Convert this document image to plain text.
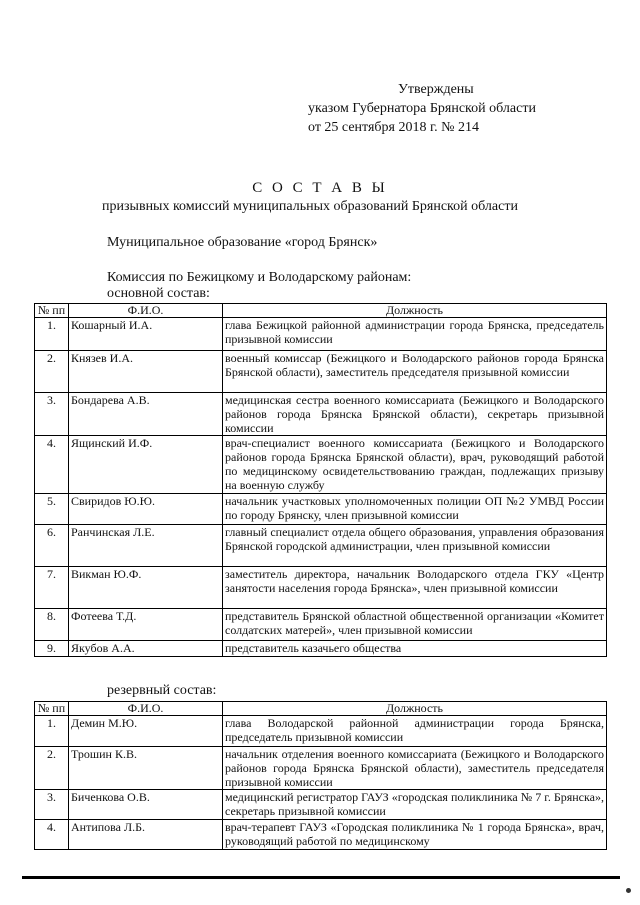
Утверждены
указом Губернатора Брянской области
от 25 сентября 2018 г. № 214
С О С Т А В Ы
призывных комиссий муниципальных образований Брянской области
Муниципальное образование «город Брянск»
Комиссия по Бежицкому и Володарскому районам:
основной состав:
№ пп	Ф.И.О.	Должность
1.	Кошарный И.А.	глава Бежицкой районной администрации города Брянска, председатель призывной комиссии
2.	Князев И.А.	военный комиссар (Бежицкого и Володарского районов города Брянска Брянской области), заместитель председателя призывной комиссии
3.	Бондарева А.В.	медицинская сестра военного комиссариата (Бежицкого и Володарского районов города Брянска Брянской области), секретарь призывной комиссии
4.	Ящинский И.Ф.	врач-специалист военного комиссариата (Бежицкого и Володарского районов города Брянска Брянской области), врач, руководящий работой по медицинскому освидетельствованию граждан, подлежащих призыву на военную службу
5.	Свиридов Ю.Ю.	начальник участковых уполномоченных полиции ОП №2 УМВД России по городу Брянску, член призывной комиссии
6.	Ранчинская Л.Е.	главный специалист отдела общего образования, управления образования Брянской городской администрации, член призывной комиссии
7.	Викман Ю.Ф.	заместитель директора, начальник Володарского отдела ГКУ «Центр занятости населения города Брянска», член призывной комиссии
8.	Фотеева Т.Д.	представитель Брянской областной общественной организации «Комитет солдатских матерей», член призывной комиссии
9.	Якубов А.А.	представитель казачьего общества
резервный состав:
№ пп	Ф.И.О.	Должность
1.	Демин М.Ю.	глава Володарской районной администрации города Брянска, председатель призывной комиссии
2.	Трошин К.В.	начальник отделения военного комиссариата (Бежицкого и Володарского районов города Брянска Брянской области), заместитель председателя призывной комиссии
3.	Биченкова О.В.	медицинский регистратор ГАУЗ «городская поликлиника № 7 г. Брянска», секретарь призывной комиссии
4.	Антипова Л.Б.	врач-терапевт ГАУЗ «Городская поликлиника № 1 города Брянска», врач, руководящий работой по медицинскому
